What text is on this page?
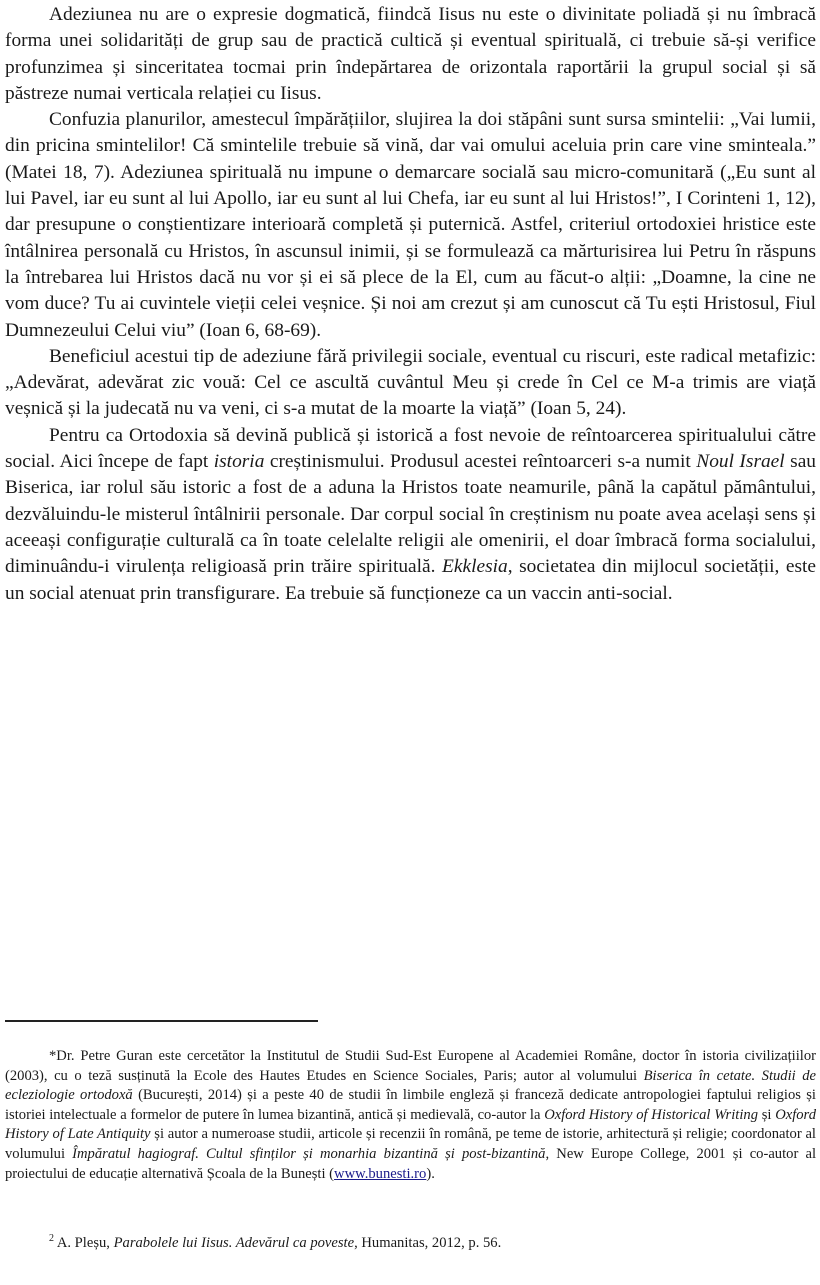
Adeziunea nu are o expresie dogmatică, fiindcă Iisus nu este o divinitate poliadă și nu îmbracă forma unei solidarități de grup sau de practică cultică și eventual spirituală, ci trebuie să-și verifice profunzimea și sinceritatea tocmai prin îndepărtarea de orizontala raportării la grupul social și să păstreze numai verticala relației cu Iisus.

Confuzia planurilor, amestecul împărățiilor, slujirea la doi stăpâni sunt sursa smintelii: „Vai lumii, din pricina smintelilor! Că smintelile trebuie să vină, dar vai omului aceluia prin care vine sminteala.” (Matei 18, 7). Adeziunea spirituală nu impune o demarcare socială sau micro-comunitară („Eu sunt al lui Pavel, iar eu sunt al lui Apollo, iar eu sunt al lui Chefa, iar eu sunt al lui Hristos!”, I Corinteni 1, 12), dar presupune o conștientizare interioară completă și puternică. Astfel, criteriul ortodoxiei hristice este întâlnirea personală cu Hristos, în ascunsul inimii, și se formulează ca mărturisirea lui Petru în răspuns la întrebarea lui Hristos dacă nu vor și ei să plece de la El, cum au făcut-o alții: „Doamne, la cine ne vom duce? Tu ai cuvintele vieții celei veșnice. Și noi am crezut și am cunoscut că Tu ești Hristosul, Fiul Dumnezeului Celui viu” (Ioan 6, 68-69).

Beneficiul acestui tip de adeziune fără privilegii sociale, eventual cu riscuri, este radical metafizic: „Adevărat, adevărat zic vouă: Cel ce ascultă cuvântul Meu și crede în Cel ce M-a trimis are viață veșnică și la judecată nu va veni, ci s-a mutat de la moarte la viață” (Ioan 5, 24).

Pentru ca Ortodoxia să devină publică și istorică a fost nevoie de reîntoarcerea spiritualului către social. Aici începe de fapt istoria creștinismului. Produsul acestei reîntoarceri s-a numit Noul Israel sau Biserica, iar rolul său istoric a fost de a aduna la Hristos toate neamurile, până la capătul pământului, dezvăluindu-le misterul întâlnirii personale. Dar corpul social în creștinism nu poate avea același sens și aceeași configurație culturală ca în toate celelalte religii ale omenirii, el doar îmbracă forma socialului, diminuându-i virulența religioasă prin trăire spirituală. Ekklesia, societatea din mijlocul societății, este un social atenuat prin transfigurare. Ea trebuie să funcționeze ca un vaccin anti-social.

*Dr. Petre Guran este cercetător la Institutul de Studii Sud-Est Europene al Academiei Române, doctor în istoria civilizațiilor (2003), cu o teză susținută la Ecole des Hautes Etudes en Science Sociales, Paris; autor al volumului Biserica în cetate. Studii de ecleziologie ortodoxă (București, 2014) și a peste 40 de studii în limbile engleză și franceză dedicate antropologiei faptului religios și istoriei intelectuale a formelor de putere în lumea bizantină, antică și medievală, co-autor la Oxford History of Historical Writing și Oxford History of Late Antiquity și autor a numeroase studii, articole și recenzii în română, pe teme de istorie, arhitectură și religie; coordonator al volumului Împăratul hagiograf. Cultul sfinților și monarhia bizantină și post-bizantină, New Europe College, 2001 și co-autor al proiectului de educație alternativă Școala de la Bunești (www.bunesti.ro).

$^2$ A. Pleșu, Parabolele lui Iisus. Adevărul ca poveste, Humanitas, 2012, p. 56.
